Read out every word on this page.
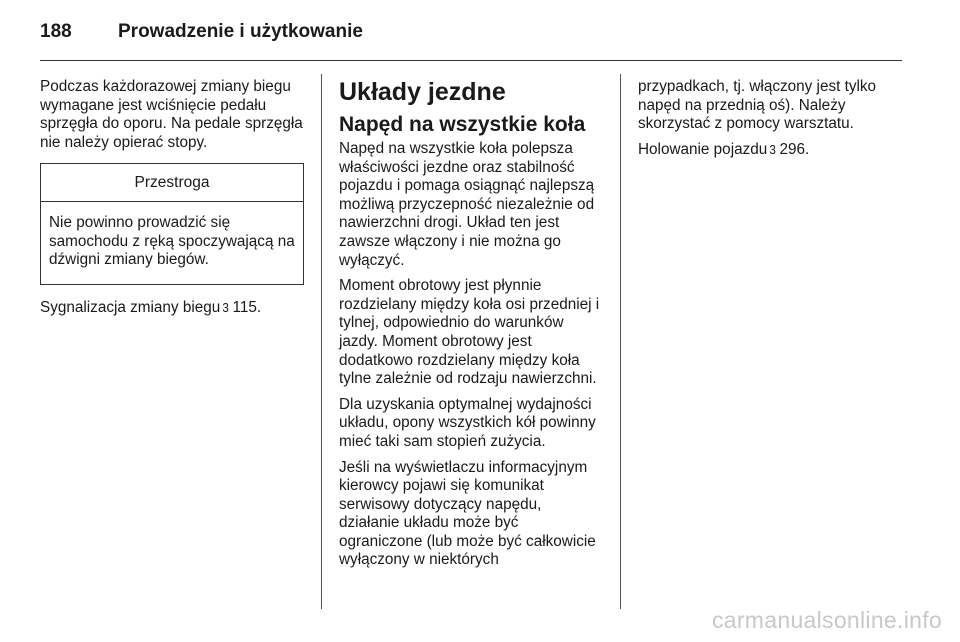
188 Prowadzenie i użytkowanie

Podczas każdorazowej zmiany biegu wymagane jest wciśnięcie pedału sprzęgła do oporu. Na pedale sprzęgła nie należy opierać stopy.

Przestroga
Nie powinno prowadzić się samochodu z ręką spoczywającą na dźwigni zmiany biegów.

Sygnalizacja zmiany biegu 3 115.

Układy jezdne
Napęd na wszystkie koła

Napęd na wszystkie koła polepsza właściwości jezdne oraz stabilność pojazdu i pomaga osiągnąć najlepszą możliwą przyczepność niezależnie od nawierzchni drogi. Układ ten jest zawsze włączony i nie można go wyłączyć.

Moment obrotowy jest płynnie rozdzielany między koła osi przedniej i tylnej, odpowiednio do warunków jazdy. Moment obrotowy jest dodatkowo rozdzielany między koła tylne zależnie od rodzaju nawierzchni.

Dla uzyskania optymalnej wydajności układu, opony wszystkich kół powinny mieć taki sam stopień zużycia.

Jeśli na wyświetlaczu informacyjnym kierowcy pojawi się komunikat serwisowy dotyczący napędu, działanie układu może być ograniczone (lub może być całkowicie wyłączony w niektórych

przypadkach, tj. włączony jest tylko napęd na przednią oś). Należy skorzystać z pomocy warsztatu.

Holowanie pojazdu 3 296.

carmanualsonline.info
